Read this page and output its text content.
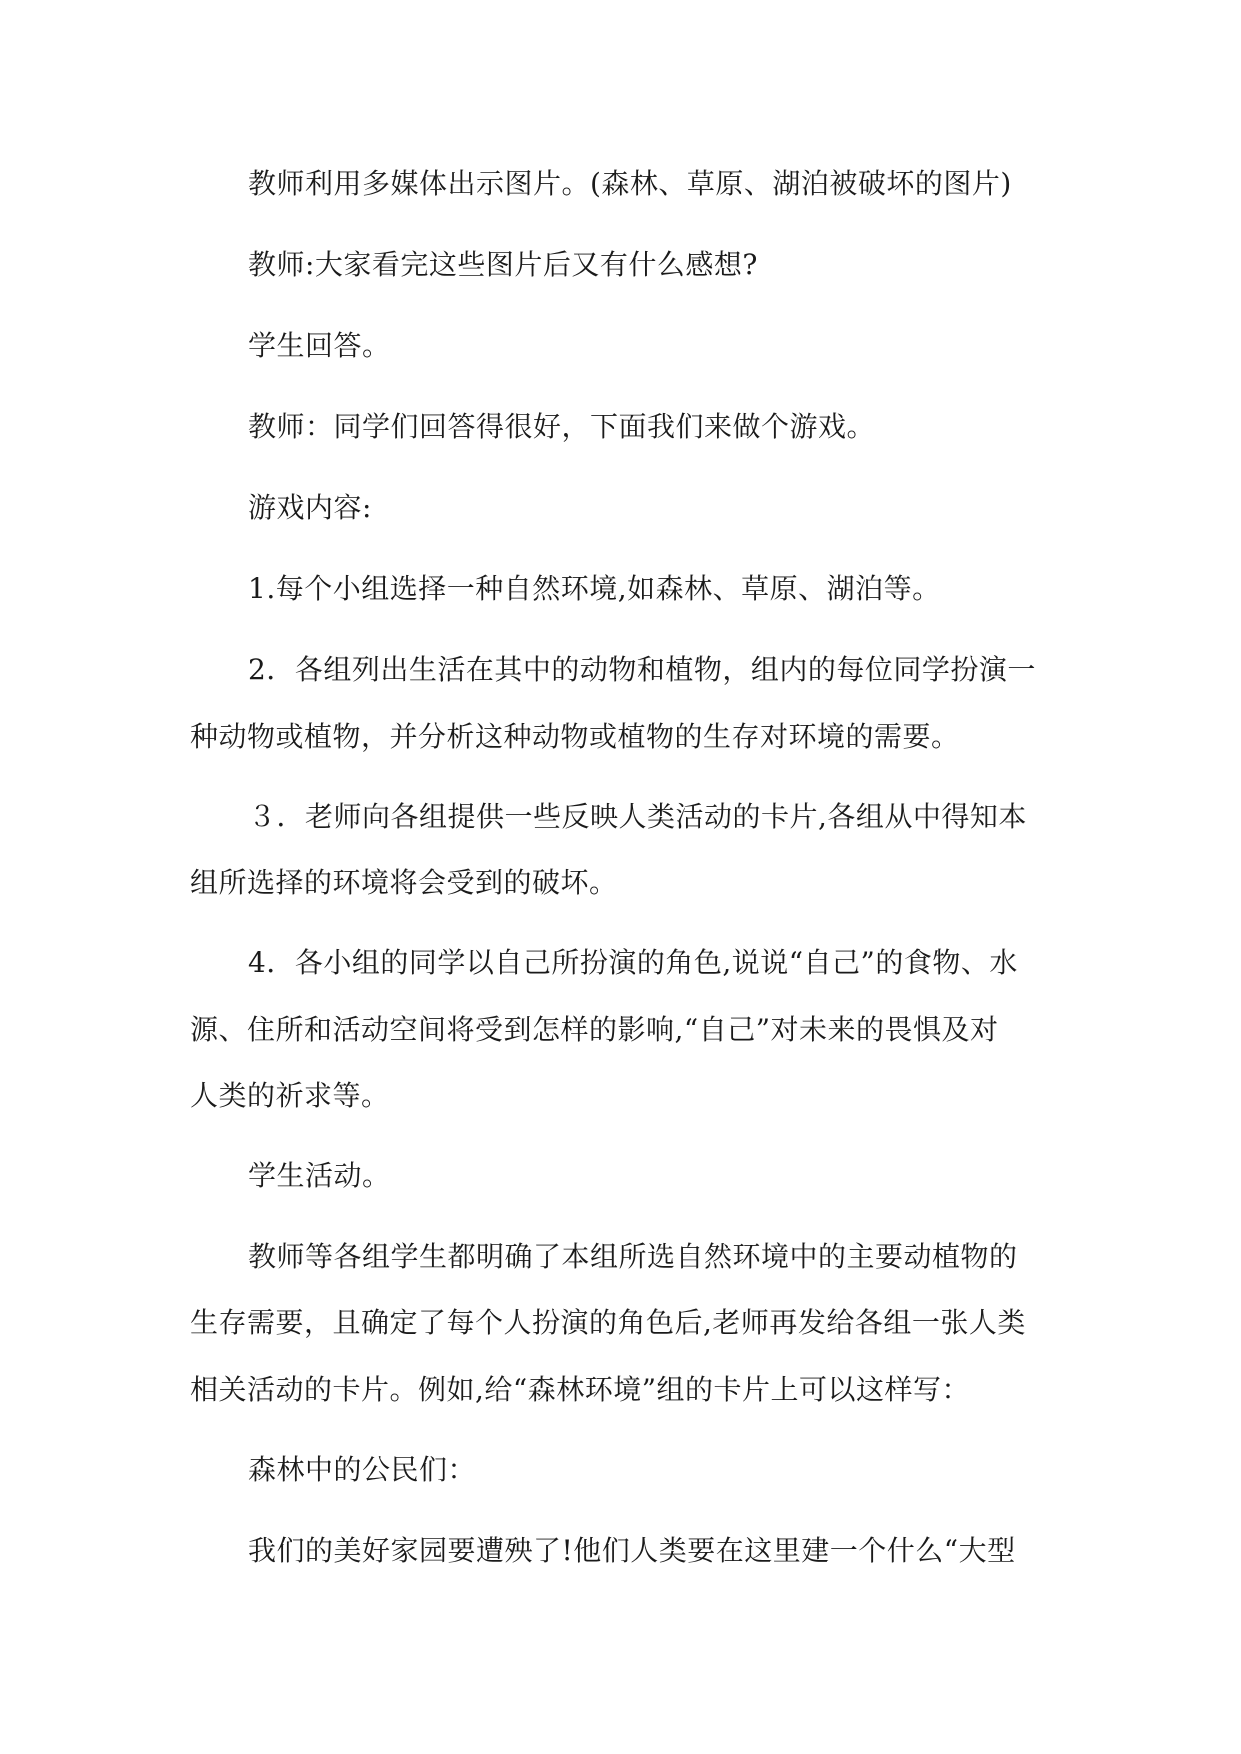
教师利用多媒体出示图片。(森林、草原、湖泊被破坏的图片)
教师:大家看完这些图片后又有什么感想?
学生回答。
教师：同学们回答得很好，下面我们来做个游戏。
游戏内容:
1.每个小组选择一种自然环境,如森林、草原、湖泊等。
2．各组列出生活在其中的动物和植物，组内的每位同学扮演一
种动物或植物，并分析这种动物或植物的生存对环境的需要。
３．老师向各组提供一些反映人类活动的卡片,各组从中得知本
组所选择的环境将会受到的破坏。
4．各小组的同学以自己所扮演的角色,说说“自己”的食物、水
源、住所和活动空间将受到怎样的影响,“自己”对未来的畏惧及对
人类的祈求等。
学生活动。
教师等各组学生都明确了本组所选自然环境中的主要动植物的
生存需要，且确定了每个人扮演的角色后,老师再发给各组一张人类
相关活动的卡片。例如,给“森林环境”组的卡片上可以这样写：
森林中的公民们：
我们的美好家园要遭殃了!他们人类要在这里建一个什么“大型
